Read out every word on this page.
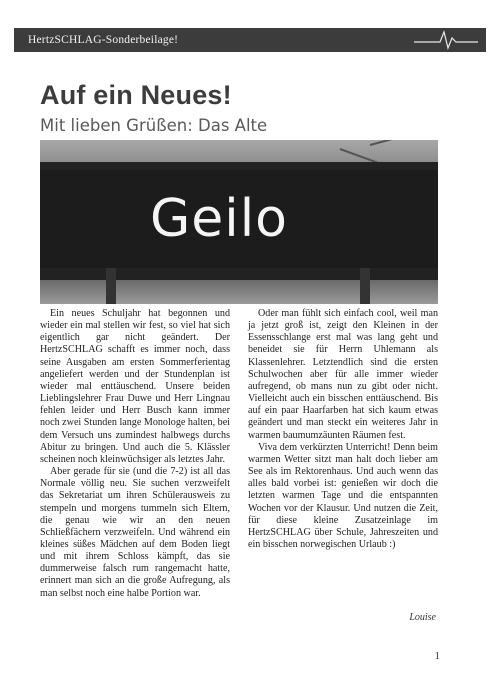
HertzSCHLAG-Sonderbeilage!
Auf ein Neues!
Mit lieben Grüßen: Das Alte
Geilo

Ein neues Schuljahr hat begonnen und wieder ein mal stellen wir fest, so viel hat sich eigentlich gar nicht geändert. Der HertzSCHLAG schafft es immer noch, dass seine Ausgaben am ersten Sommerferientag angeliefert werden und der Stundenplan ist wieder mal enttäuschend. Unsere beiden Lieblingslehrer Frau Duwe und Herr Lingnau fehlen leider und Herr Busch kann immer noch zwei Stunden lange Monologe halten, bei dem Versuch uns zumindest halbwegs durchs Abitur zu bringen. Und auch die 5. Klässler scheinen noch kleinwüchsiger als letztes Jahr.

Aber gerade für sie (und die 7-2) ist all das Normale völlig neu. Sie suchen verzweifelt das Sekretariat um ihren Schülerausweis zu stempeln und morgens tummeln sich Eltern, die genau wie wir an den neuen Schließfächern verzweifeln. Und während ein kleines süßes Mädchen auf dem Boden liegt und mit ihrem Schloss kämpft, das sie dummerweise falsch rum rangemacht hatte, erinnert man sich an die große Aufregung, als man selbst noch eine halbe Portion war.

Oder man fühlt sich einfach cool, weil man ja jetzt groß ist, zeigt den Kleinen in der Essensschlange erst mal was lang geht und beneidet sie für Herrn Uhlemann als Klassenlehrer. Letztendlich sind die ersten Schulwochen aber für alle immer wieder aufregend, ob mans nun zu gibt oder nicht. Vielleicht auch ein bisschen enttäuschend. Bis auf ein paar Haarfarben hat sich kaum etwas geändert und man steckt ein weiteres Jahr in warmen baumumzäunten Räumen fest.

Viva dem verkürzten Unterricht! Denn beim warmen Wetter sitzt man halt doch lieber am See als im Rektorenhaus. Und auch wenn das alles bald vorbei ist: genießen wir doch die letzten warmen Tage und die entspannten Wochen vor der Klausur. Und nutzen die Zeit, für diese kleine Zusatzeinlage im HertzSCHLAG über Schule, Jahreszeiten und ein bisschen norwegischen Urlaub :)

Louise
1
